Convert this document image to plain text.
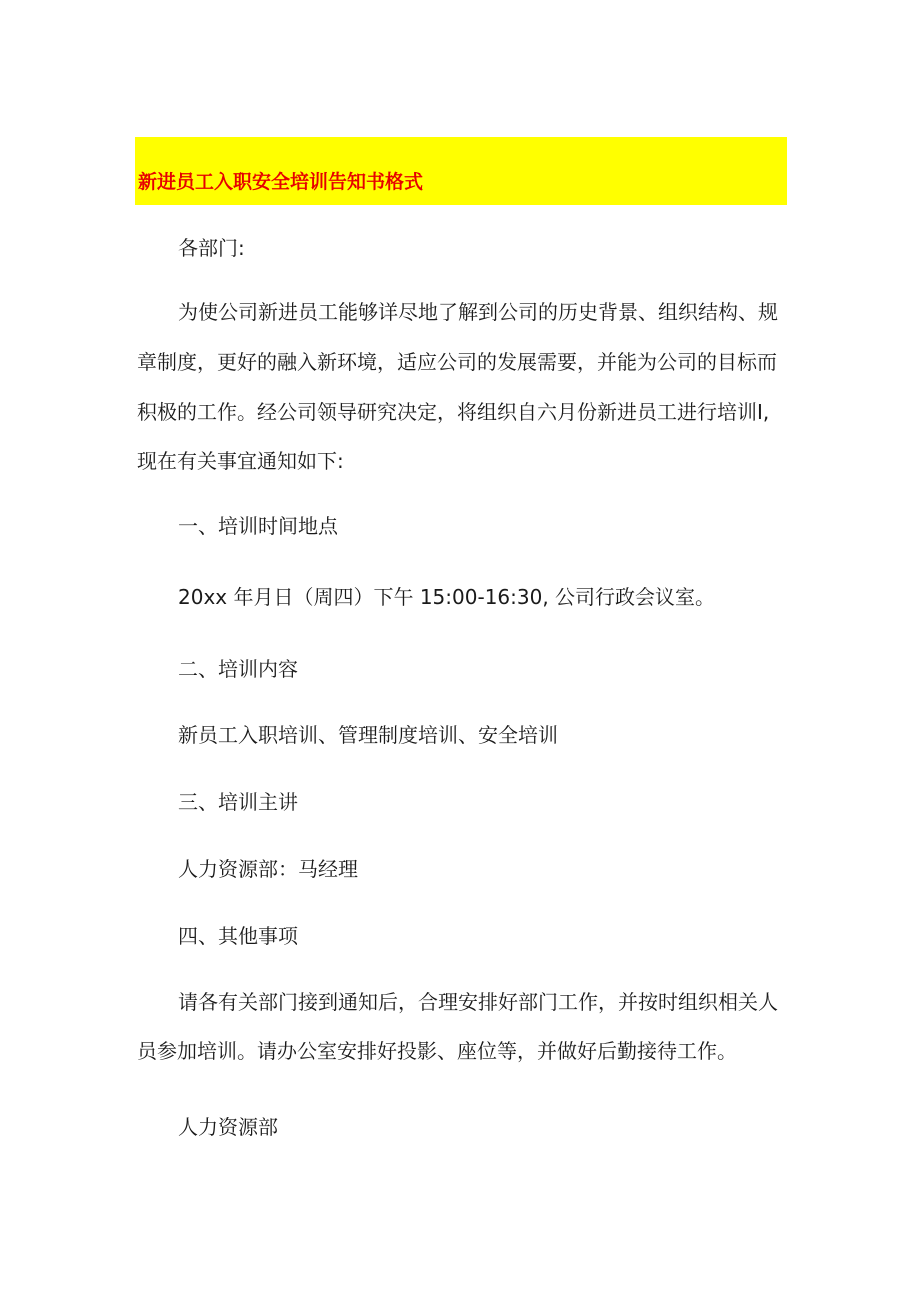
新进员工入职安全培训告知书格式
各部门:
为使公司新进员工能够详尽地了解到公司的历史背景、组织结构、规
章制度，更好的融入新环境，适应公司的发展需要，并能为公司的目标而
积极的工作。经公司领导研究决定，将组织自六月份新进员工进行培训Ⅰ,
现在有关事宜通知如下:
一、培训时间地点
20xx 年月日（周四）下午 15:00-16:30, 公司行政会议室。
二、培训内容
新员工入职培训、管理制度培训、安全培训
三、培训主讲
人力资源部：马经理
四、其他事项
请各有关部门接到通知后，合理安排好部门工作，并按时组织相关人
员参加培训。请办公室安排好投影、座位等，并做好后勤接待工作。
人力资源部
